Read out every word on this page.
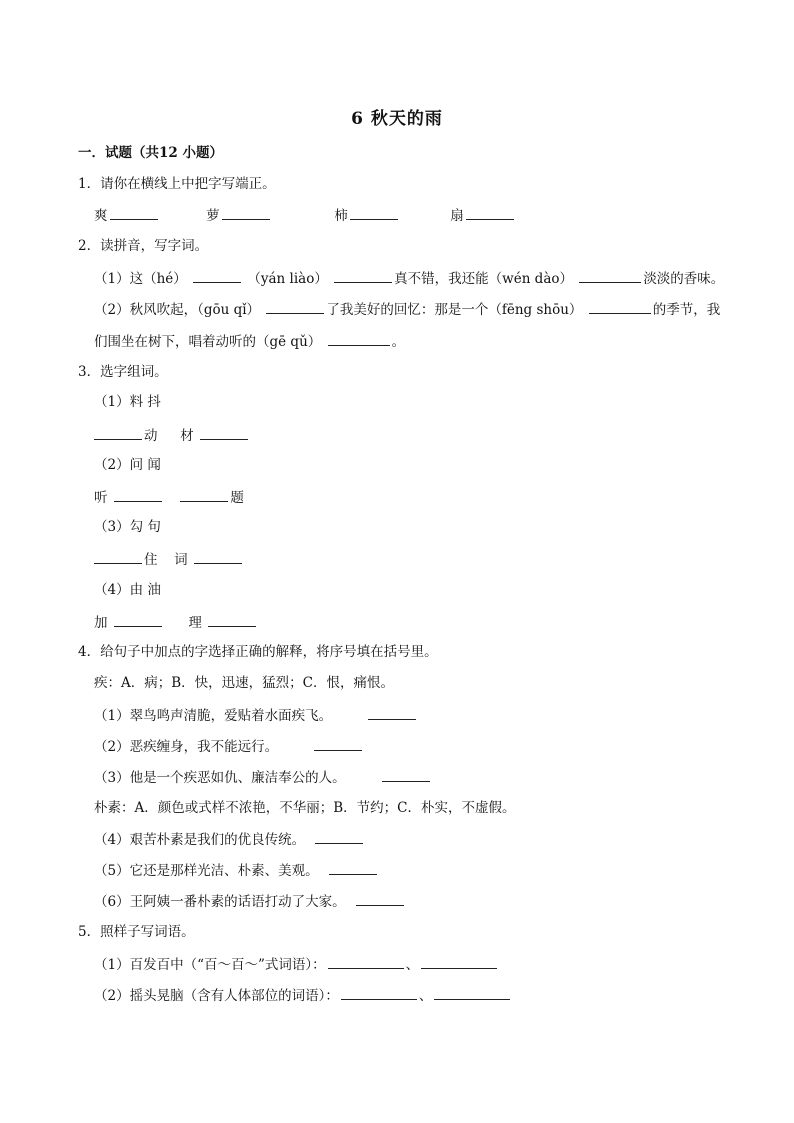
6 秋天的雨
一．试题（共12 小题）
1．请你在横线上中把字写端正。
爽	萝	柿	扇
2．读拼音，写字词。
（1）这（hé）	（yán liào）	真不错，我还能（wén dào）	淡淡的香味。
（2）秋风吹起，（gōu qǐ）	了我美好的回忆：那是一个（fēng shōu）	的季节，我
们围坐在树下，唱着动听的（gē qǔ）	。
3．选字组词。
（1）料 抖
动 材
（2）问 闻
听	题
（3）勾 句
住 词
（4）由 油
加	理
4．给句子中加点的字选择正确的解释，将序号填在括号里。
疾：A．病；B．快，迅速，猛烈；C．恨，痛恨。
（1）翠鸟鸣声清脆，爱贴着水面疾飞。
（2）恶疾缠身，我不能远行。
（3）他是一个疾恶如仇、廉洁奉公的人。
朴素：A．颜色或式样不浓艳，不华丽；B．节约；C．朴实，不虚假。
（4）艰苦朴素是我们的优良传统。
（5）它还是那样光洁、朴素、美观。
（6）王阿姨一番朴素的话语打动了大家。
5．照样子写词语。
（1）百发百中（“百～百～”式词语）：	、
（2）摇头晃脑（含有人体部位的词语）：	、
